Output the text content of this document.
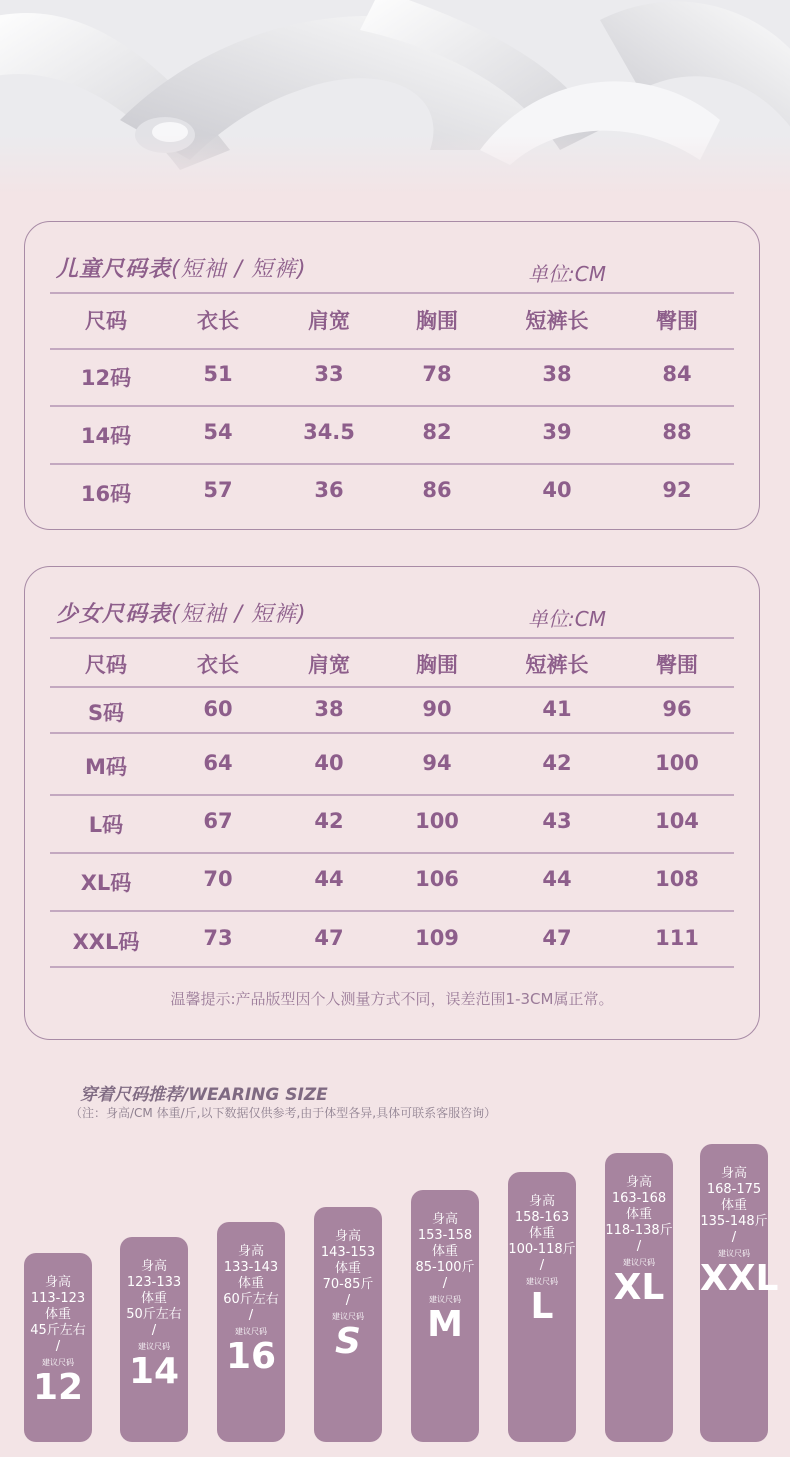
儿童尺码表(短袖 / 短裤)	单位:CM
尺码	衣长	肩宽	胸围	短裤长	臀围
12码	51	33	78	38	84
14码	54	34.5	82	39	88
16码	57	36	86	40	92
少女尺码表(短袖 / 短裤)	单位:CM
尺码	衣长	肩宽	胸围	短裤长	臀围
S码	60	38	90	41	96
M码	64	40	94	42	100
L码	67	42	100	43	104
XL码	70	44	106	44	108
XXL码	73	47	109	47	111
温馨提示:产品版型因个人测量方式不同，误差范围1-3CM属正常。
穿着尺码推荐/WEARING SIZE
（注：身高/CM 体重/斤,以下数据仅供参考,由于体型各异,具体可联系客服咨询）
身高
113-123
体重
45斤左右
/
建议尺码
12
身高
123-133
体重
50斤左右
/
建议尺码
14
身高
133-143
体重
60斤左右
/
建议尺码
16
身高
143-153
体重
70-85斤
/
建议尺码
S
身高
153-158
体重
85-100斤
/
建议尺码
M
身高
158-163
体重
100-118斤
/
建议尺码
L
身高
163-168
体重
118-138斤
/
建议尺码
XL
身高
168-175
体重
135-148斤
/
建议尺码
XXL
